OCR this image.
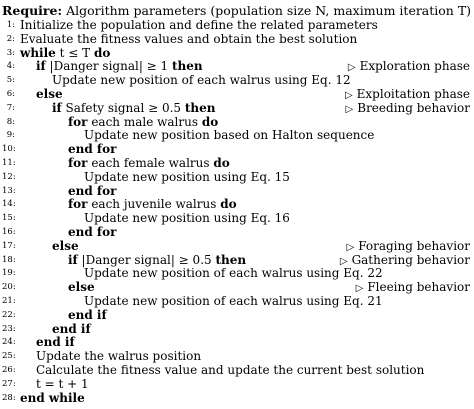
Require: Algorithm parameters (population size N, maximum iteration T)
1: Initialize the population and define the related parameters
2: Evaluate the fitness values and obtain the best solution
3: while t ≤ T do
4: if |Danger signal| ≥ 1 then	▷ Exploration phase
5:	Update new position of each walrus using Eq. 12
6: else	▷ Exploitation phase
7:	if Safety signal ≥ 0.5 then	▷ Breeding behavior
8:	for each male walrus do
9:	Update new position based on Halton sequence
10:	end for
11:	for each female walrus do
12:	Update new position using Eq. 15
13:	end for
14:	for each juvenile walrus do
15:	Update new position using Eq. 16
16:	end for
17:	else	▷ Foraging behavior
18:	if |Danger signal| ≥ 0.5 then	▷ Gathering behavior
19:	Update new position of each walrus using Eq. 22
20:	else	▷ Fleeing behavior
21:	Update new position of each walrus using Eq. 21
22:	end if
23:	end if
24: end if
25: Update the walrus position
26: Calculate the fitness value and update the current best solution
27: t = t + 1
28: end while
